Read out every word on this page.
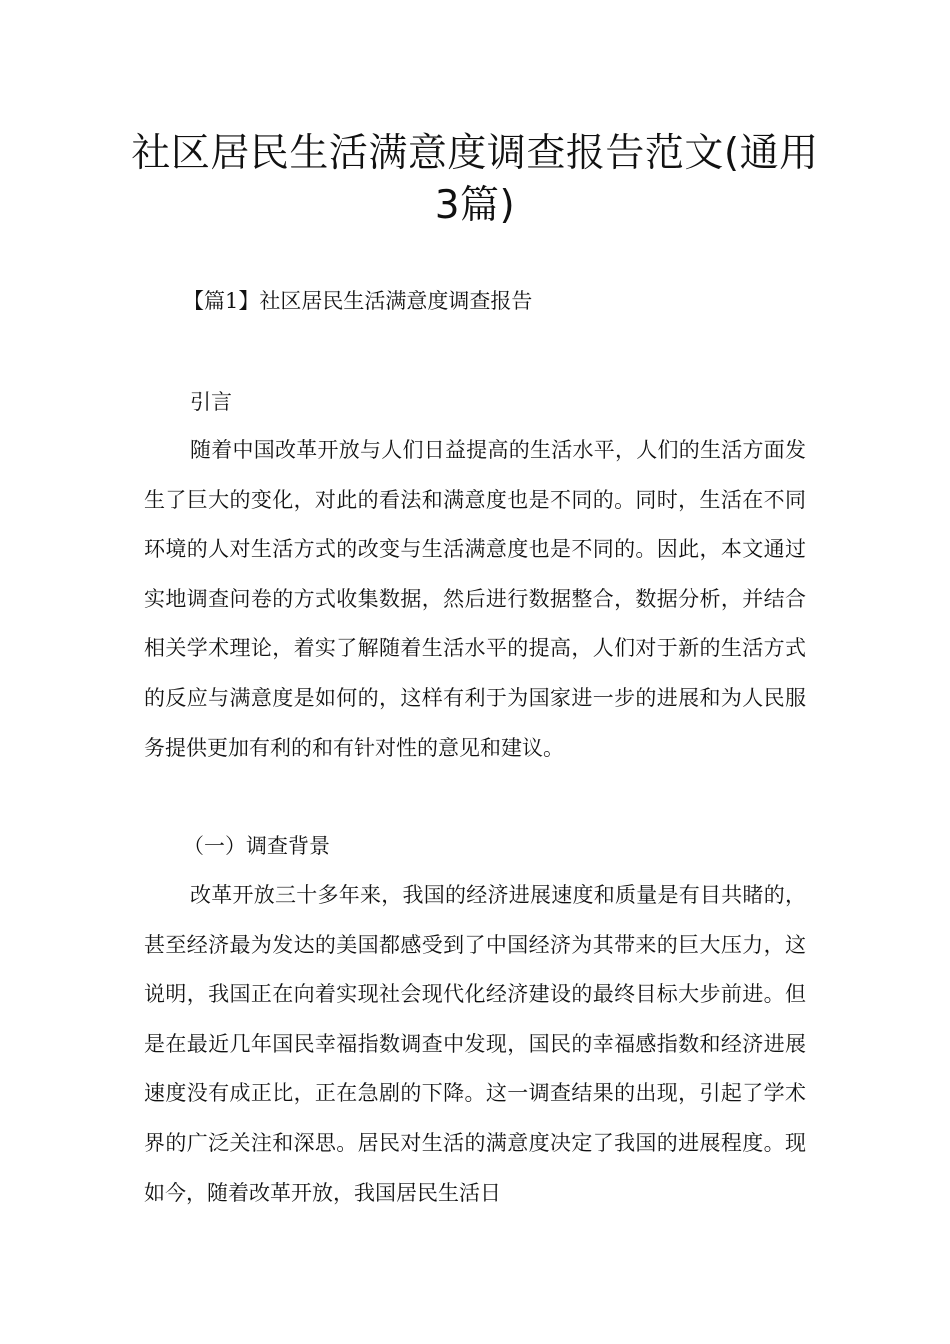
社区居民生活满意度调查报告范文(通用3篇)
【篇1】社区居民生活满意度调查报告
引言

随着中国改革开放与人们日益提高的生活水平，人们的生活方面发生了巨大的变化，对此的看法和满意度也是不同的。同时，生活在不同环境的人对生活方式的改变与生活满意度也是不同的。因此，本文通过实地调查问卷的方式收集数据，然后进行数据整合，数据分析，并结合相关学术理论，着实了解随着生活水平的提高，人们对于新的生活方式的反应与满意度是如何的，这样有利于为国家进一步的进展和为人民服务提供更加有利的和有针对性的意见和建议。

（一）调查背景

改革开放三十多年来，我国的经济进展速度和质量是有目共睹的，甚至经济最为发达的美国都感受到了中国经济为其带来的巨大压力，这说明，我国正在向着实现社会现代化经济建设的最终目标大步前进。但是在最近几年国民幸福指数调查中发现，国民的幸福感指数和经济进展速度没有成正比，正在急剧的下降。这一调查结果的出现，引起了学术界的广泛关注和深思。居民对生活的满意度决定了我国的进展程度。现如今，随着改革开放，我国居民生活日
